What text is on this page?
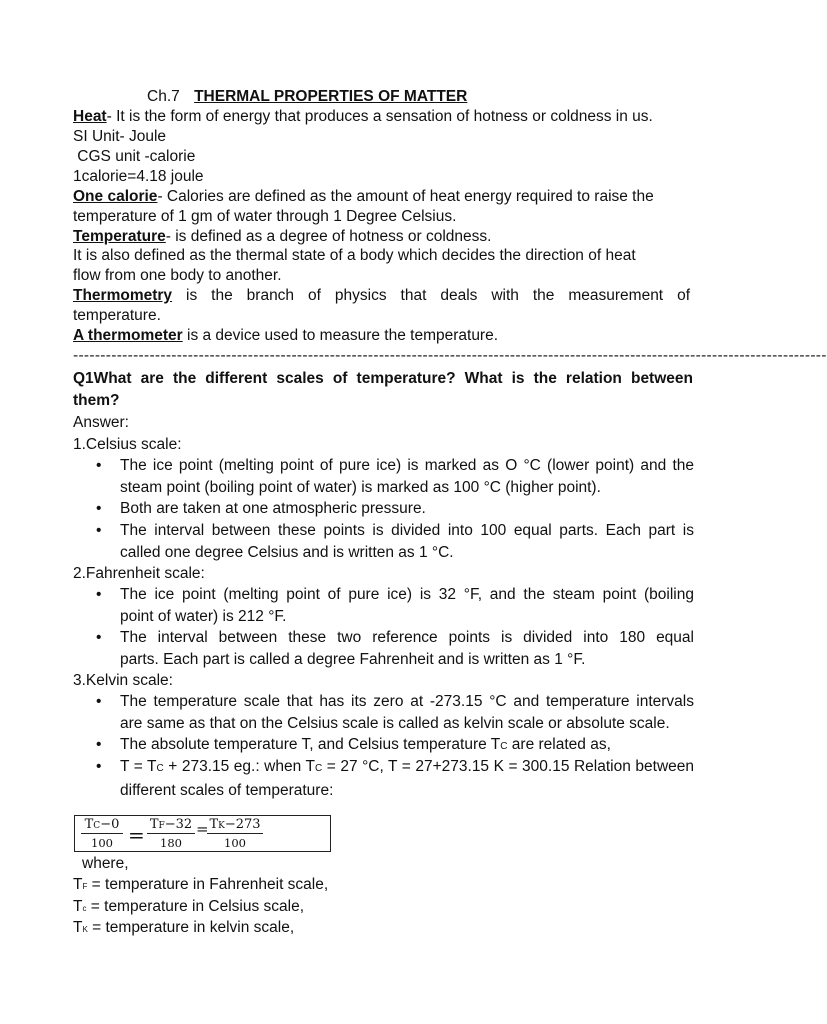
Ch.7 THERMAL PROPERTIES OF MATTER
Heat- It is the form of energy that produces a sensation of hotness or coldness in us.
SI Unit- Joule
CGS unit -calorie
1calorie=4.18 joule
One calorie- Calories are defined as the amount of heat energy required to raise the
temperature of 1 gm of water through 1 Degree Celsius.
Temperature- is defined as a degree of hotness or coldness.
It is also defined as the thermal state of a body which decides the direction of heat
flow from one body to another.
Thermometry is the branch of physics that deals with the measurement of
temperature.
A thermometer is a device used to measure the temperature.
------------------------------------------------------------------------------------------------------------------------------------------
Q1What are the different scales of temperature? What is the relation between
them?
Answer:
1.Celsius scale:
• The ice point (melting point of pure ice) is marked as O °C (lower point) and the
steam point (boiling point of water) is marked as 100 °C (higher point).
• Both are taken at one atmospheric pressure.
• The interval between these points is divided into 100 equal parts. Each part is
called one degree Celsius and is written as 1 °C.
2.Fahrenheit scale:
• The ice point (melting point of pure ice) is 32 °F, and the steam point (boiling
point of water) is 212 °F.
• The interval between these two reference points is divided into 180 equal
parts. Each part is called a degree Fahrenheit and is written as 1 °F.
3.Kelvin scale:
• The temperature scale that has its zero at -273.15 °C and temperature intervals
are same as that on the Celsius scale is called as kelvin scale or absolute scale.
• The absolute temperature T, and Celsius temperature TC are related as,
• T = TC + 273.15 eg.: when TC = 27 °C, T = 27+273.15 K = 300.15 Relation between
different scales of temperature:
$\frac{TC-0}{100} = \frac{TF-32}{180}$ =
$\frac{TK-273}{100}$
where,
TF = temperature in Fahrenheit scale,
Tc = temperature in Celsius scale,
TK = temperature in kelvin scale,
